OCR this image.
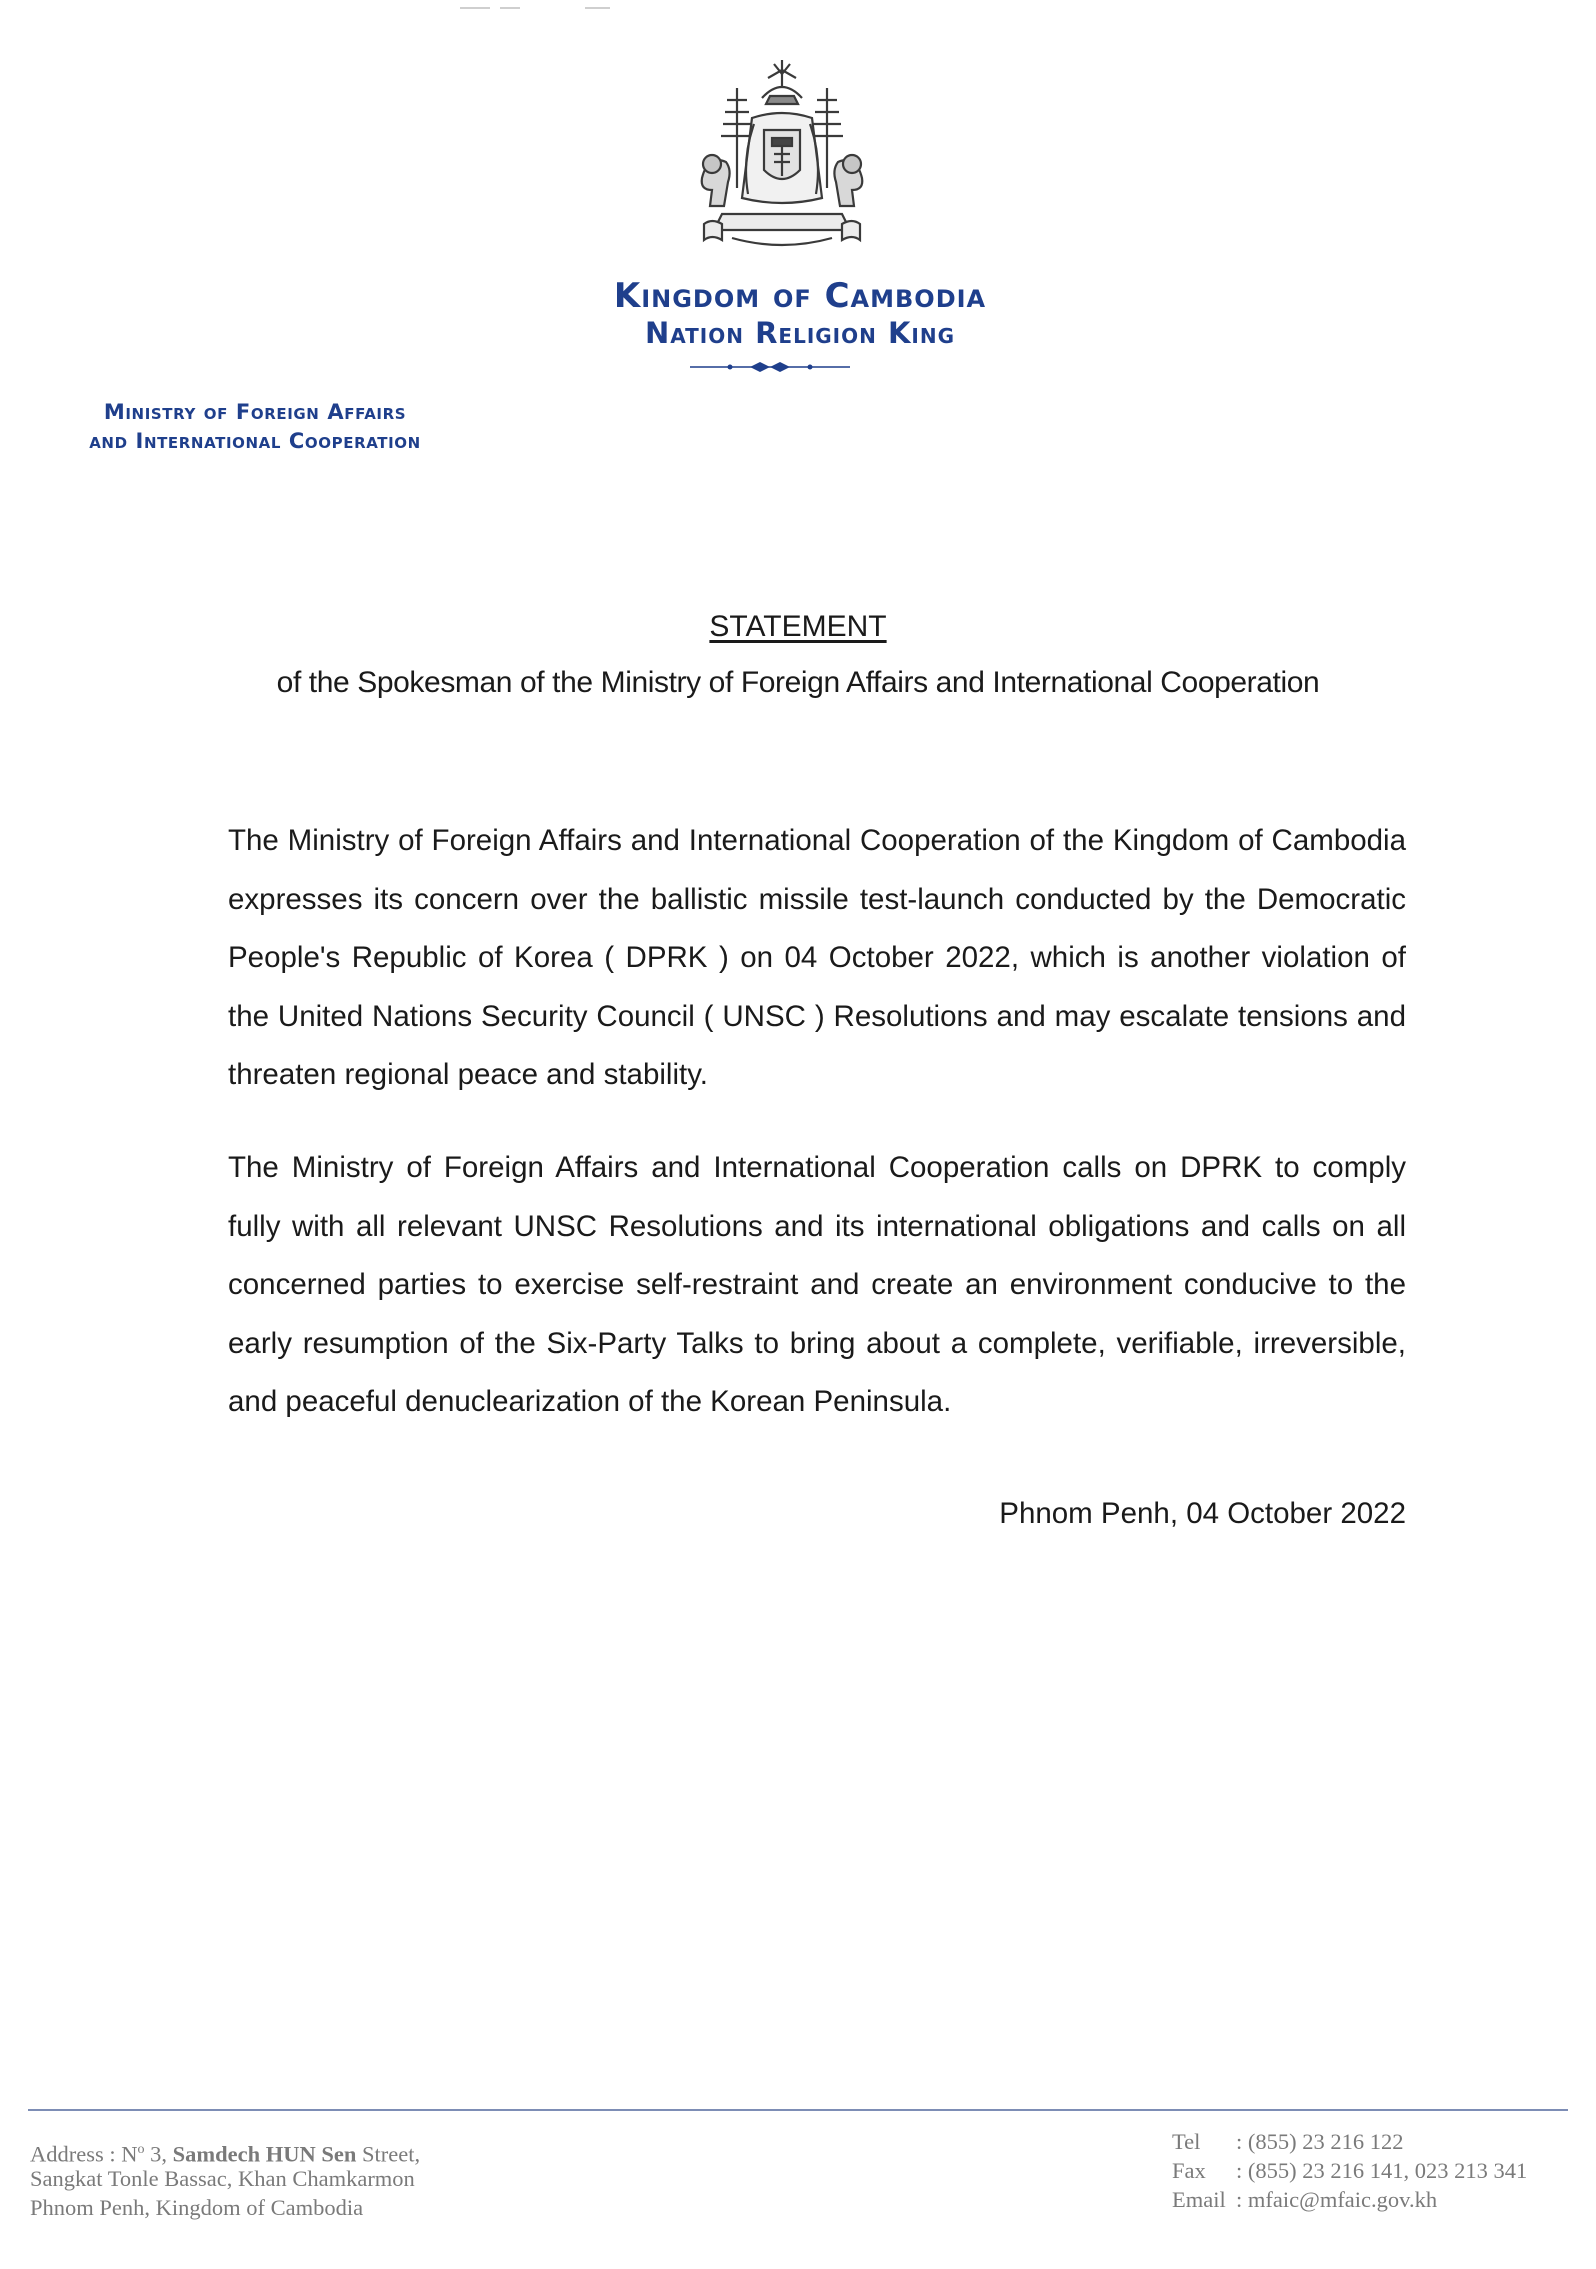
Kingdom of Cambodia
Nation Religion King
Ministry of Foreign Affairs
and International Cooperation
STATEMENT
of the Spokesman of the Ministry of Foreign Affairs and International Cooperation
The Ministry of Foreign Affairs and International Cooperation of the Kingdom of Cambodia expresses its concern over the ballistic missile test-launch conducted by the Democratic People's Republic of Korea ( DPRK ) on 04 October 2022, which is another violation of the United Nations Security Council ( UNSC ) Resolutions and may escalate tensions and threaten regional peace and stability.
The Ministry of Foreign Affairs and International Cooperation calls on DPRK to comply fully with all relevant UNSC Resolutions and its international obligations and calls on all concerned parties to exercise self-restraint and create an environment conducive to the early resumption of the Six-Party Talks to bring about a complete, verifiable, irreversible, and peaceful denuclearization of the Korean Peninsula.
Phnom Penh, 04 October 2022
Address : $N^o$ 3, Samdech HUN Sen Street,
Sangkat Tonle Bassac, Khan Chamkarmon
Phnom Penh, Kingdom of Cambodia
Tel : (855) 23 216 122
Fax : (855) 23 216 141, 023 213 341
Email : mfaic@mfaic.gov.kh
